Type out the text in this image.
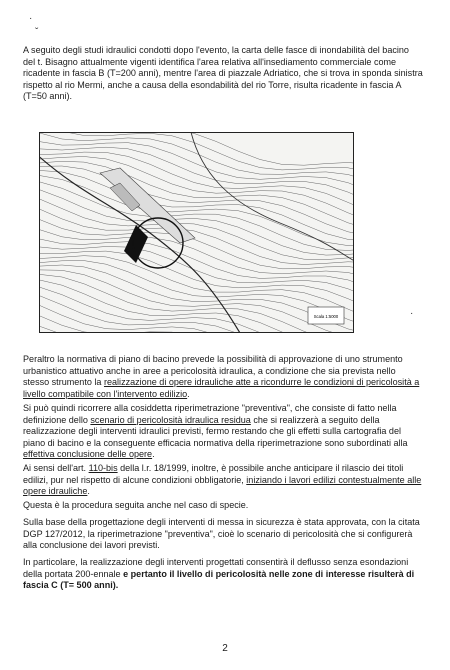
·
ˇ

A seguito degli studi idraulici condotti dopo l'evento, la carta delle fasce di inondabilità del bacino del t. Bisagno attualmente vigenti identifica l'area relativa all'insediamento commerciale come ricadente in fascia B (T=200 anni), mentre l'area di piazzale Adriatico, che si trova in sponda sinistra rispetto al rio Mermi, anche a causa della esondabilità del rio Torre, risulta ricadente in fascia A (T=50 anni).

Scala 1:5000	·

Peraltro la normativa di piano di bacino prevede la possibilità di approvazione di uno strumento urbanistico attuativo anche in aree a pericolosità idraulica, a condizione che sia prevista nello stesso strumento la realizzazione di opere idrauliche atte a ricondurre le condizioni di pericolosità a livello compatibile con l'intervento edilizio.

Si può quindi ricorrere alla cosiddetta riperimetrazione "preventiva", che consiste di fatto nella definizione dello scenario di pericolosità idraulica residua che si realizzerà a seguito della realizzazione degli interventi idraulici previsti, fermo restando che gli effetti sulla cartografia del piano di bacino e la conseguente efficacia normativa della riperimetrazione sono subordinati alla effettiva conclusione delle opere.

Ai sensi dell'art. 110-bis della l.r. 18/1999, inoltre, è possibile anche anticipare il rilascio dei titoli edilizi, pur nel rispetto di alcune condizioni obbligatorie, iniziando i lavori edilizi contestualmente alle opere idrauliche.

Questa è la procedura seguita anche nel caso di specie.

Sulla base della progettazione degli interventi di messa in sicurezza è stata approvata, con la citata DGP 127/2012, la riperimetrazione "preventiva", cioè lo scenario di pericolosità che si configurerà alla conclusione dei lavori previsti.

In particolare, la realizzazione degli interventi progettati consentirà il deflusso senza esondazioni della portata 200-ennale e pertanto il livello di pericolosità nelle zone di interesse risulterà di fascia C (T= 500 anni).

2
